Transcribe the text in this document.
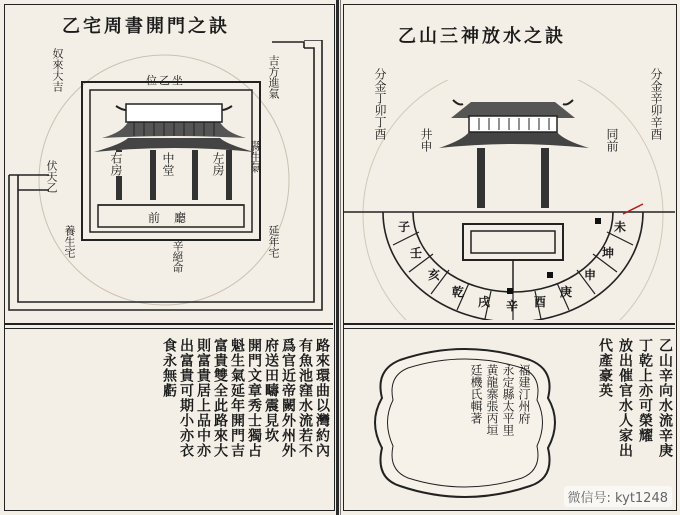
乙宅周書開門之訣
吉方進氣
位乙坐
奴來大吉
伏天乙
養生宅
縣生氣
延年宅
辛絕命
右房	中堂	左房
前廳
路來環曲以灣約內
有魚池窪水流若不
爲官近帝闕外州外
府送田疇震見坎
開門文章秀士獨占
魁生氣延年開門吉
富貴雙全此路來大
則富貴居上品中亦
出富貴可期小亦衣
食永無虧
乙山三神放水之訣
子
壬
亥
乾
戌 辛 酉
庚
申
坤
未
分金丁卯丁酉	井申	分金辛卯辛酉
同前
乙山辛向水流辛庚
丁乾上亦可榮耀
放出催官水人家出
代產豪英
福建汀州府
永定縣太平里
黄龍寨張丙垣
廷機氏輯著
微信号: kyt1248
